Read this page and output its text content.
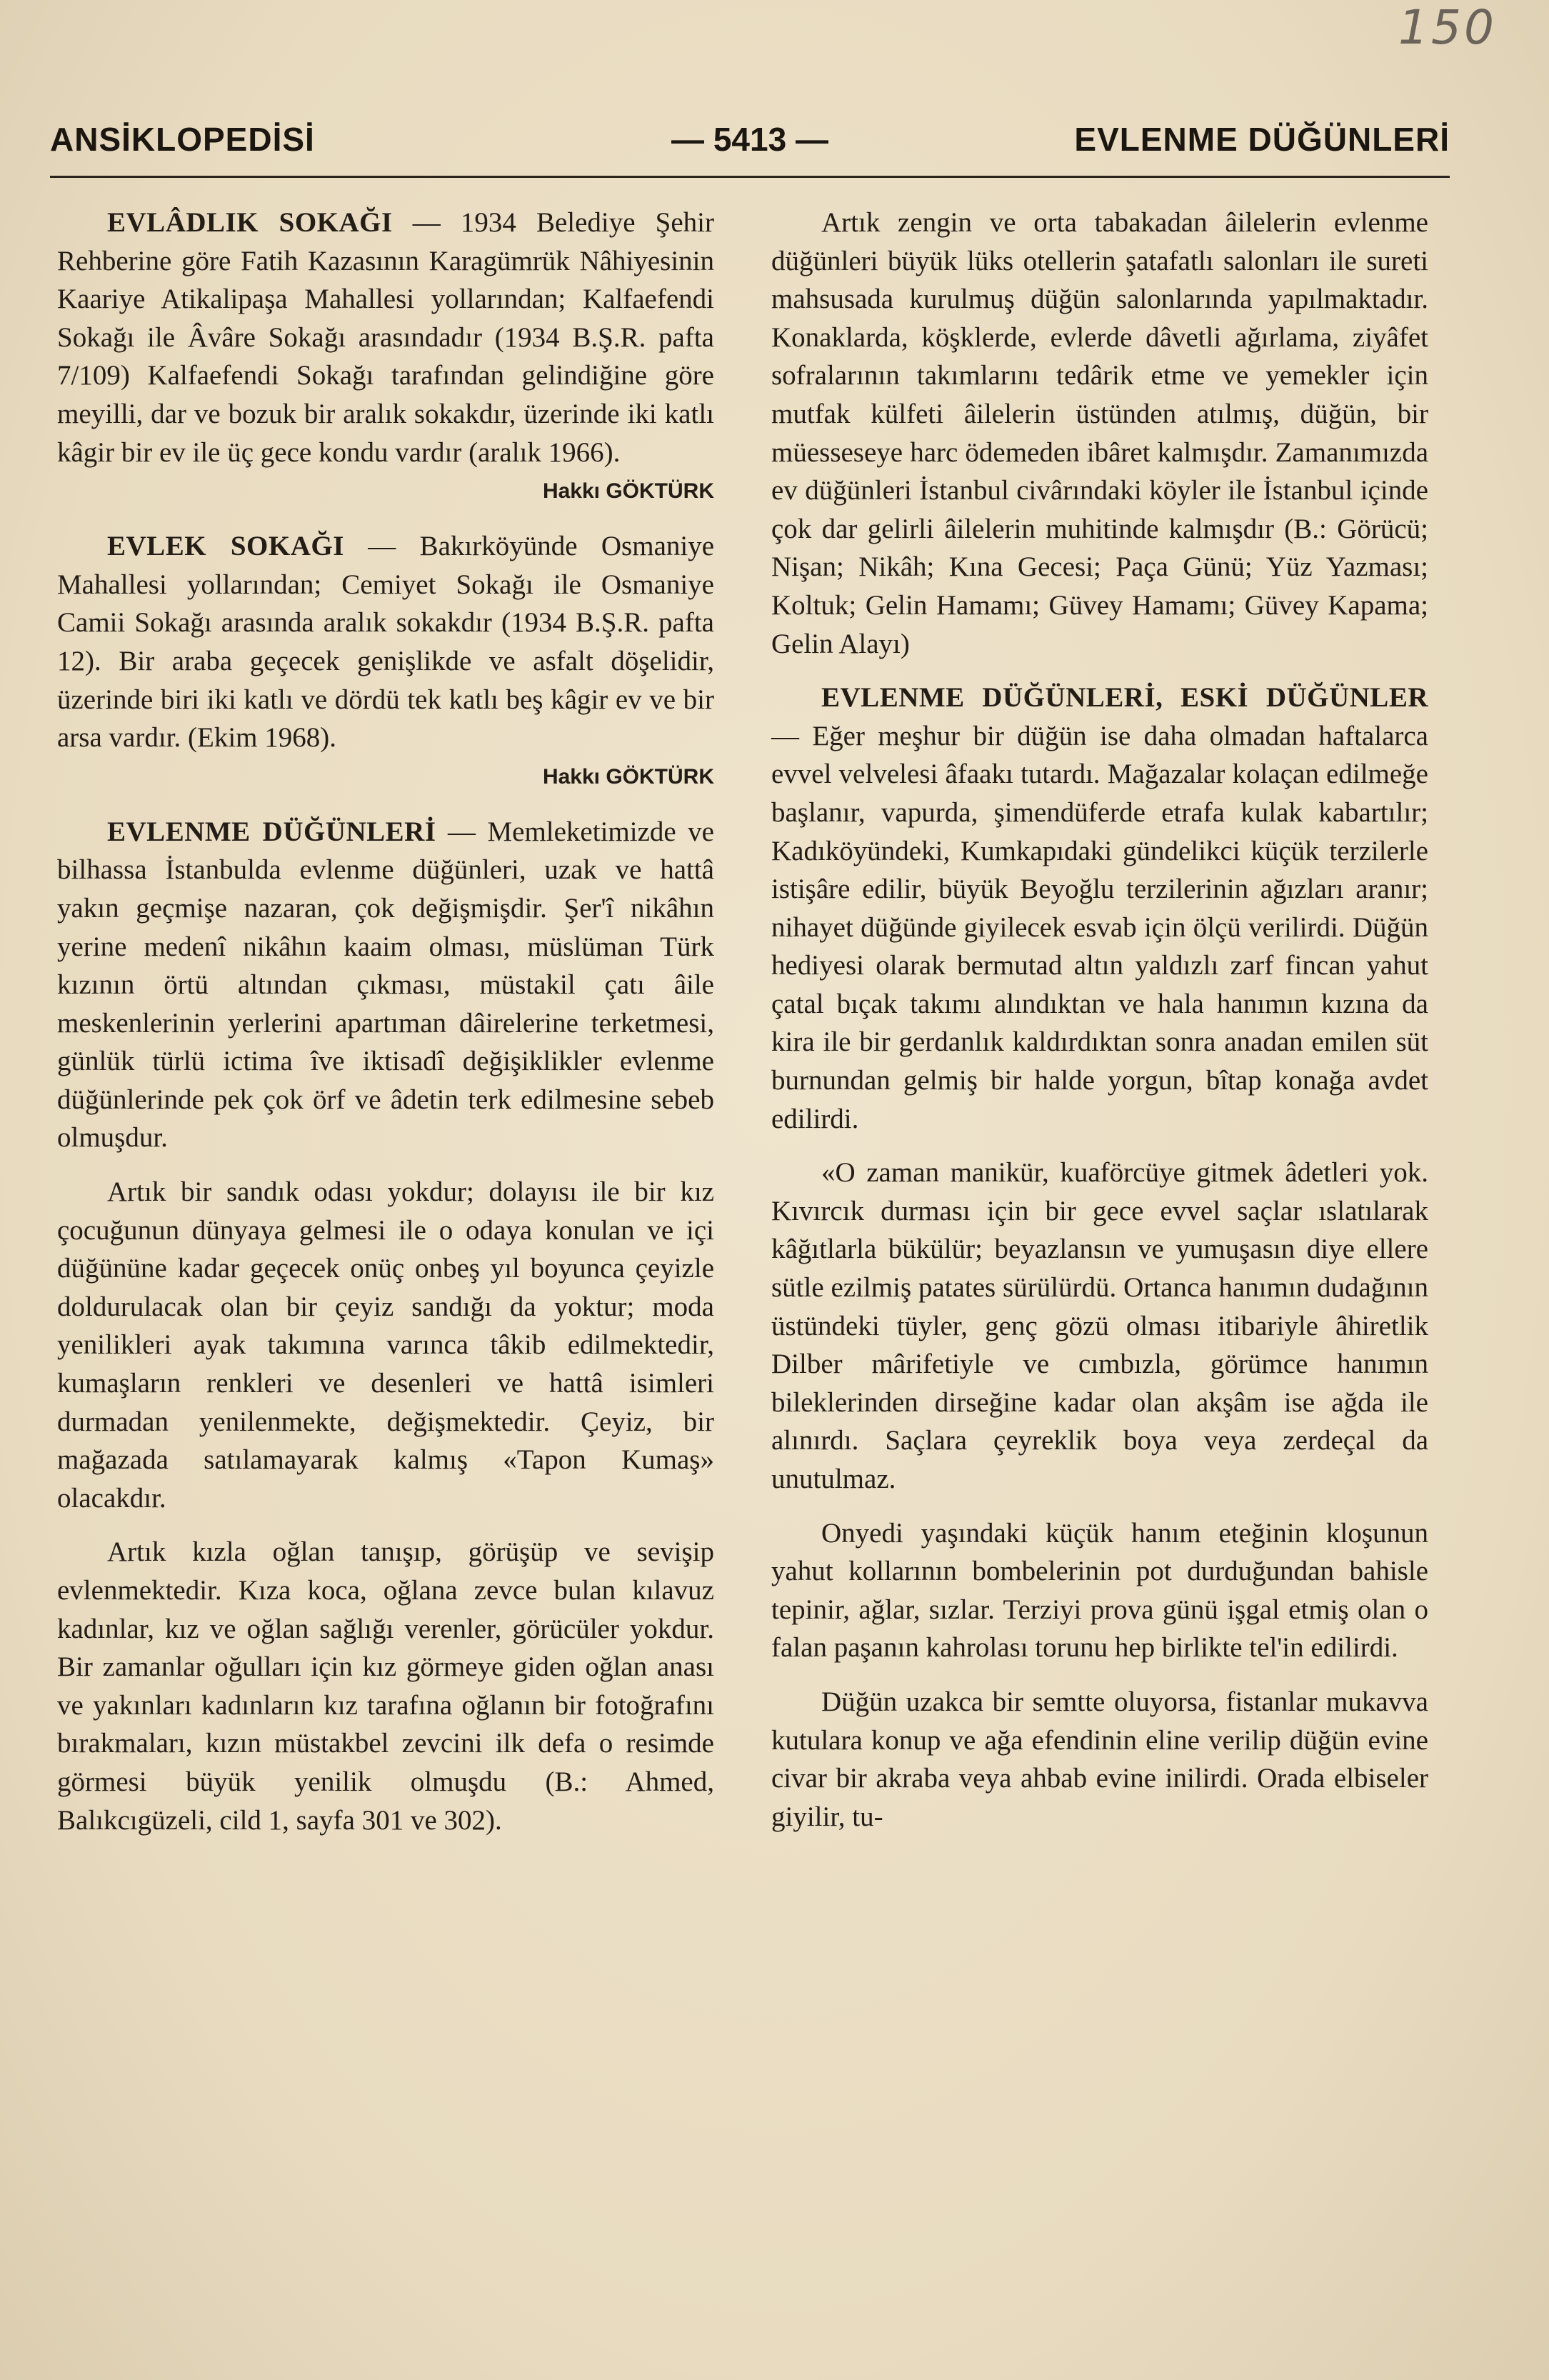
150
ANSİKLOPEDİSİ	— 5413 —	EVLENME DÜĞÜNLERİ

EVLÂDLIK SOKAĞI — 1934 Belediye Şehir Rehberine göre Fatih Kazasının Karagümrük Nâhiyesinin Kaariye Atikalipaşa Mahallesi yollarından; Kalfaefendi Sokağı ile Âvâre Sokağı arasındadır (1934 B.Ş.R. pafta 7/109) Kalfaefendi Sokağı tarafından gelindiğine göre meyilli, dar ve bozuk bir aralık sokakdır, üzerinde iki katlı kâgir bir ev ile üç gece kondu vardır (aralık 1966).

Hakkı GÖKTÜRK

EVLEK SOKAĞI — Bakırköyünde Osmaniye Mahallesi yollarından; Cemiyet Sokağı ile Osmaniye Camii Sokağı arasında aralık sokakdır (1934 B.Ş.R. pafta 12). Bir araba geçecek genişlikde ve asfalt döşelidir, üzerinde biri iki katlı ve dördü tek katlı beş kâgir ev ve bir arsa vardır. (Ekim 1968).

Hakkı GÖKTÜRK

EVLENME DÜĞÜNLERİ — Memleketimizde ve bilhassa İstanbulda evlenme düğünleri, uzak ve hattâ yakın geçmişe nazaran, çok değişmişdir. Şer'î nikâhın yerine medenî nikâhın kaaim olması, müslüman Türk kızının örtü altından çıkması, müstakil çatı âile meskenlerinin yerlerini apartıman dâirelerine terketmesi, günlük türlü ictima îve iktisadî değişiklikler evlenme düğünlerinde pek çok örf ve âdetin terk edilmesine sebeb olmuşdur.

Artık bir sandık odası yokdur; dolayısı ile bir kız çocuğunun dünyaya gelmesi ile o odaya konulan ve içi düğününe kadar geçecek onüç onbeş yıl boyunca çeyizle doldurulacak olan bir çeyiz sandığı da yoktur; moda yenilikleri ayak takımına varınca tâkib edilmektedir, kumaşların renkleri ve desenleri ve hattâ isimleri durmadan yenilenmekte, değişmektedir. Çeyiz, bir mağazada satılamayarak kalmış «Tapon Kumaş» olacakdır.

Artık kızla oğlan tanışıp, görüşüp ve sevişip evlenmektedir. Kıza koca, oğlana zevce bulan kılavuz kadınlar, kız ve oğlan sağlığı verenler, görücüler yokdur. Bir zamanlar oğulları için kız görmeye giden oğlan anası ve yakınları kadınların kız tarafına oğlanın bir fotoğrafını bırakmaları, kızın müstakbel zevcini ilk defa o resimde görmesi büyük yenilik olmuşdu (B.: Ahmed, Balıkcıgüzeli, cild 1, sayfa 301 ve 302).

Artık zengin ve orta tabakadan âilelerin evlenme düğünleri büyük lüks otellerin şatafatlı salonları ile sureti mahsusada kurulmuş düğün salonlarında yapılmaktadır. Konaklarda, köşklerde, evlerde dâvetli ağırlama, ziyâfet sofralarının takımlarını tedârik etme ve yemekler için mutfak külfeti âilelerin üstünden atılmış, düğün, bir müesseseye harc ödemeden ibâret kalmışdır. Zamanımızda ev düğünleri İstanbul civârındaki köyler ile İstanbul içinde çok dar gelirli âilelerin muhitinde kalmışdır (B.: Görücü; Nişan; Nikâh; Kına Gecesi; Paça Günü; Yüz Yazması; Koltuk; Gelin Hamamı; Güvey Hamamı; Güvey Kapama; Gelin Alayı)

EVLENME DÜĞÜNLERİ, ESKİ DÜĞÜNLER — Eğer meşhur bir düğün ise daha olmadan haftalarca evvel velvelesi âfaakı tutardı. Mağazalar kolaçan edilmeğe başlanır, vapurda, şimendüferde etrafa kulak kabartılır; Kadıköyündeki, Kumkapıdaki gündelikci küçük terzilerle istişâre edilir, büyük Beyoğlu terzilerinin ağızları aranır; nihayet düğünde giyilecek esvab için ölçü verilirdi. Düğün hediyesi olarak bermutad altın yaldızlı zarf fincan yahut çatal bıçak takımı alındıktan ve hala hanımın kızına da kira ile bir gerdanlık kaldırdıktan sonra anadan emilen süt burnundan gelmiş bir halde yorgun, bîtap konağa avdet edilirdi.

«O zaman manikür, kuaförcüye gitmek âdetleri yok. Kıvırcık durması için bir gece evvel saçlar ıslatılarak kâğıtlarla bükülür; beyazlansın ve yumuşasın diye ellere sütle ezilmiş patates sürülürdü. Ortanca hanımın dudağının üstündeki tüyler, genç gözü olması itibariyle âhiretlik Dilber mârifetiyle ve cımbızla, görümce hanımın bileklerinden dirseğine kadar olan akşâm ise ağda ile alınırdı. Saçlara çeyreklik boya veya zerdeçal da unutulmaz.

Onyedi yaşındaki küçük hanım eteğinin kloşunun yahut kollarının bombelerinin pot durduğundan bahisle tepinir, ağlar, sızlar. Terziyi prova günü işgal etmiş olan o falan paşanın kahrolası torunu hep birlikte tel'in edilirdi.

Düğün uzakca bir semtte oluyorsa, fistanlar mukavva kutulara konup ve ağa efendinin eline verilip düğün evine civar bir akraba veya ahbab evine inilirdi. Orada elbiseler giyilir, tu-
